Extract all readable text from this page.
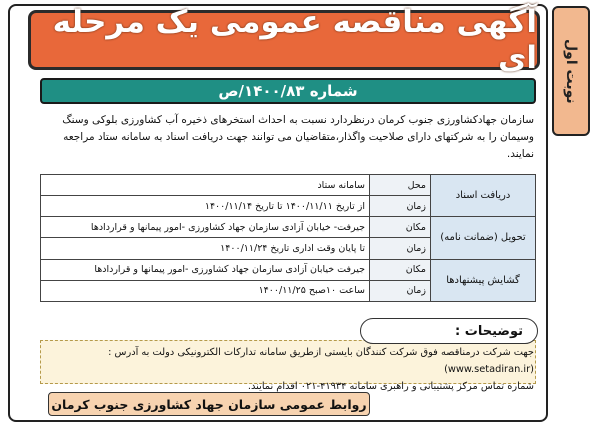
نوبت اول
آگهی مناقصه عمومی یک مرحله ای
شماره ۱۴۰۰/۸۳/ص
سازمان جهادکشاورزی جنوب کرمان درنظردارد نسبت به احداث استخرهای ذخیره آب کشاورزی بلوکی وسنگ وسیمان را به شرکتهای دارای صلاحیت واگذار،متقاضیان می توانند جهت دریافت اسناد به سامانه ستاد مراجعه نمایند.
دریافت اسناد	محل	سامانه ستاد
	زمان	از تاریخ ۱۴۰۰/۱۱/۱۱ تا تاریخ ۱۴۰۰/۱۱/۱۴
تحویل (ضمانت نامه)	مکان	جیرفت- خیابان آزادی سازمان جهاد کشاورزی -امور پیمانها و قراردادها
	زمان	تا پایان وقت اداری تاریخ ۱۴۰۰/۱۱/۲۴
گشایش پیشنهادها	مکان	جیرفت خیابان آزادی سازمان جهاد کشاورزی -امور پیمانها و قراردادها
	زمان	ساعت ۱۰صبح ۱۴۰۰/۱۱/۲۵
توضیحات :
جهت شرکت درمناقصه فوق شرکت کنندگان بایستی ازطریق سامانه تدارکات الکترونیکی دولت به آدرس : (www.setadiran.ir)
شماره تماس مرکز پشتیبانی و راهبری سامانه ۴۱۹۳۴-۰۲۱ اقدام نمایند.
روابط عمومی سازمان جهاد کشاورزی جنوب کرمان
